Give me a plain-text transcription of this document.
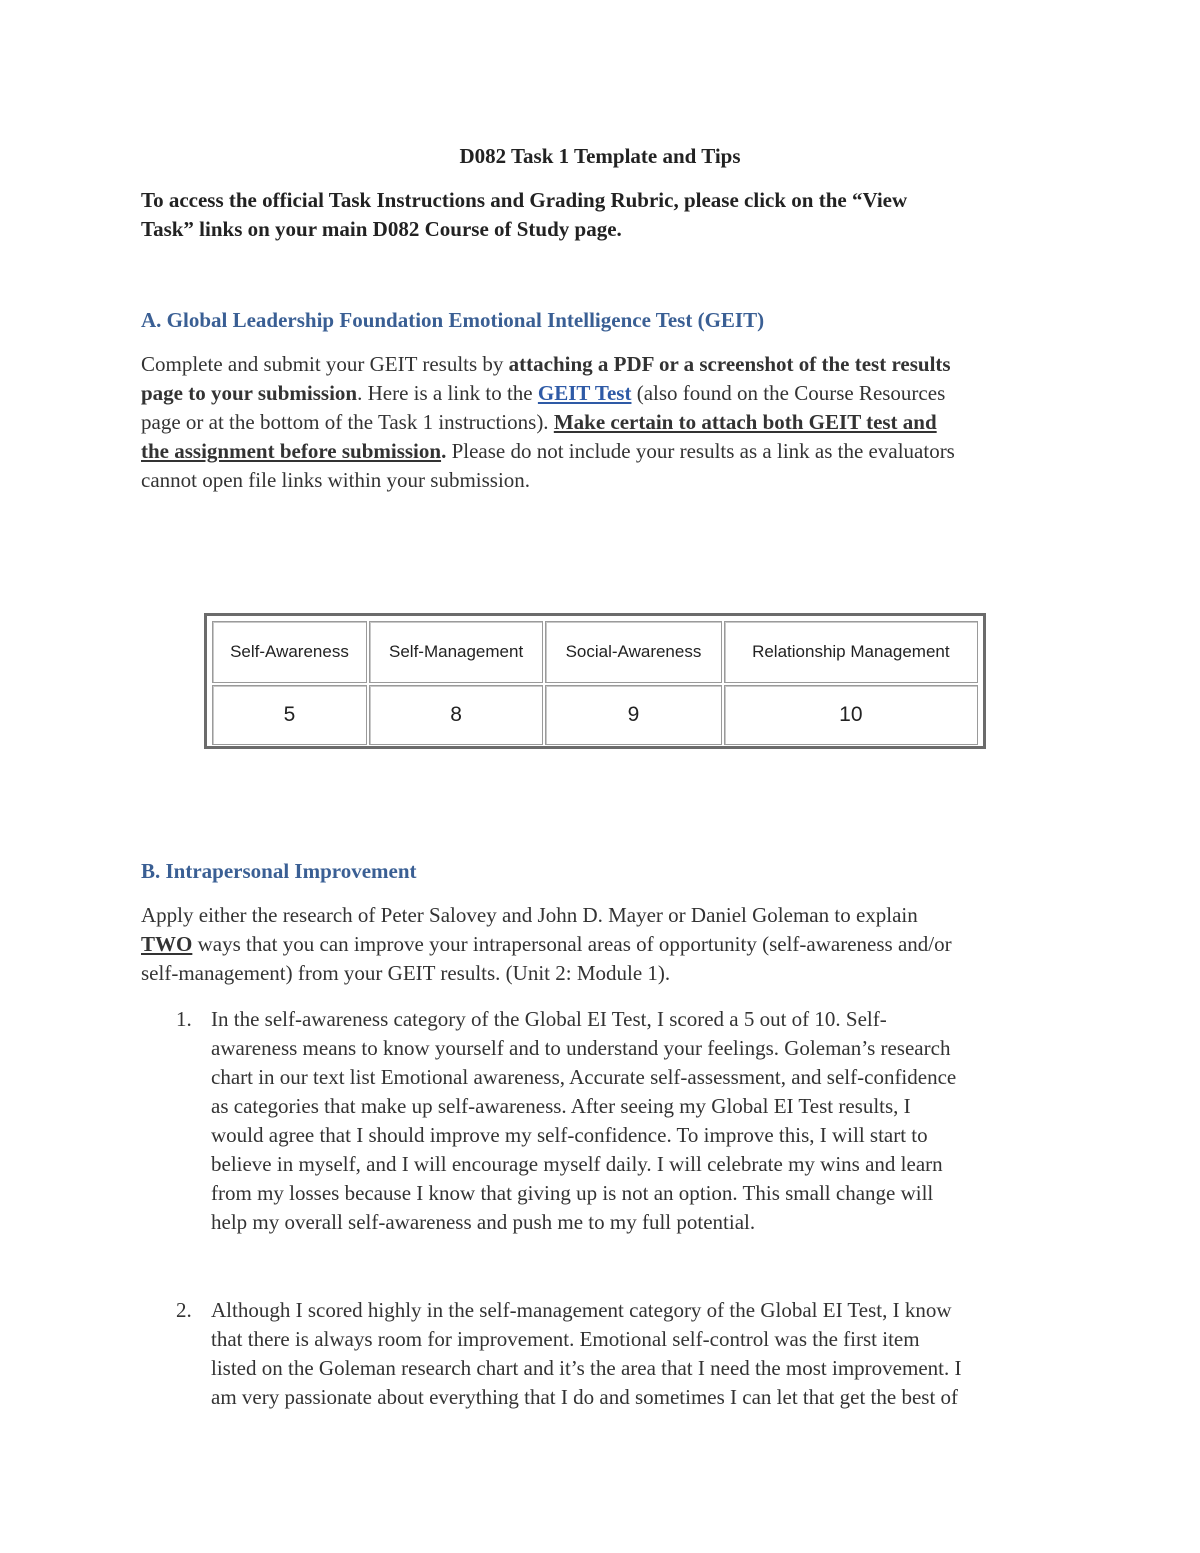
D082 Task 1 Template and Tips
To access the official Task Instructions and Grading Rubric, please click on the “View
Task” links on your main D082 Course of Study page.
A. Global Leadership Foundation Emotional Intelligence Test (GEIT)
Complete and submit your GEIT results by attaching a PDF or a screenshot of the test results
page to your submission. Here is a link to the GEIT Test (also found on the Course Resources
page or at the bottom of the Task 1 instructions). Make certain to attach both GEIT test and
the assignment before submission. Please do not include your results as a link as the evaluators
cannot open file links within your submission.
Self-Awareness	Self-Management	Social-Awareness	Relationship Management
5	8	9	10
B. Intrapersonal Improvement
Apply either the research of Peter Salovey and John D. Mayer or Daniel Goleman to explain
TWO ways that you can improve your intrapersonal areas of opportunity (self-awareness and/or
self-management) from your GEIT results. (Unit 2: Module 1).
1. In the self-awareness category of the Global EI Test, I scored a 5 out of 10. Self-
awareness means to know yourself and to understand your feelings. Goleman’s research
chart in our text list Emotional awareness, Accurate self-assessment, and self-confidence
as categories that make up self-awareness. After seeing my Global EI Test results, I
would agree that I should improve my self-confidence. To improve this, I will start to
believe in myself, and I will encourage myself daily. I will celebrate my wins and learn
from my losses because I know that giving up is not an option. This small change will
help my overall self-awareness and push me to my full potential.
2. Although I scored highly in the self-management category of the Global EI Test, I know
that there is always room for improvement. Emotional self-control was the first item
listed on the Goleman research chart and it’s the area that I need the most improvement. I
am very passionate about everything that I do and sometimes I can let that get the best of
